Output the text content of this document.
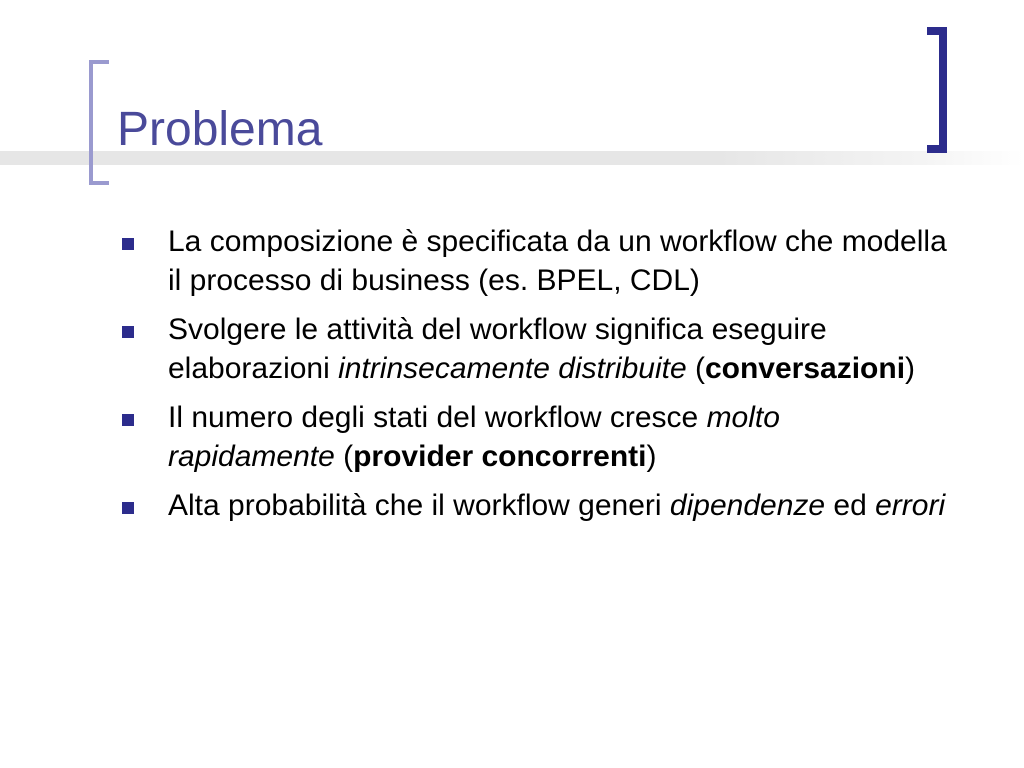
Problema
La composizione è specificata da un workflow che modella il processo di business (es. BPEL, CDL)
Svolgere le attività del workflow significa eseguire elaborazioni intrinsecamente distribuite (conversazioni)
Il numero degli stati del workflow cresce molto rapidamente (provider concorrenti)
Alta probabilità che il workflow generi dipendenze ed errori
